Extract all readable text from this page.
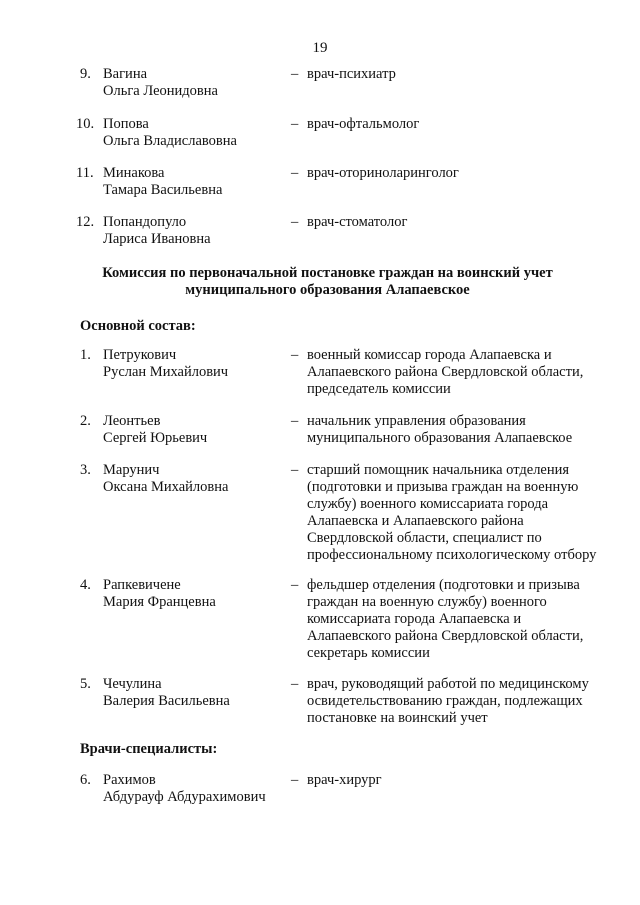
19
9. Вагина
Ольга Леонидовна
– врач-психиатр
10. Попова
Ольга Владиславовна
– врач-офтальмолог
11. Минакова
Тамара Васильевна
– врач-оториноларинголог
12. Попандопуло
Лариса Ивановна
– врач-стоматолог
Комиссия по первоначальной постановке граждан на воинский учет
муниципального образования Алапаевское
Основной состав:
1. Петрукович
Руслан Михайлович
– военный комиссар города Алапаевска и
Алапаевского района Свердловской области,
председатель комиссии
2. Леонтьев
Сергей Юрьевич
– начальник управления образования
муниципального образования Алапаевское
3. Марунич
Оксана Михайловна
– старший помощник начальника отделения
(подготовки и призыва граждан на военную
службу) военного комиссариата города
Алапаевска и Алапаевского района
Свердловской области, специалист по
профессиональному психологическому отбору
4. Рапкевичене
Мария Францевна
– фельдшер отделения (подготовки и призыва
граждан на военную службу) военного
комиссариата города Алапаевска и
Алапаевского района Свердловской области,
секретарь комиссии
5. Чечулина
Валерия Васильевна
– врач, руководящий работой по медицинскому
освидетельствованию граждан, подлежащих
постановке на воинский учет
Врачи-специалисты:
6. Рахимов
Абдурауф Абдурахимович
– врач-хирург
